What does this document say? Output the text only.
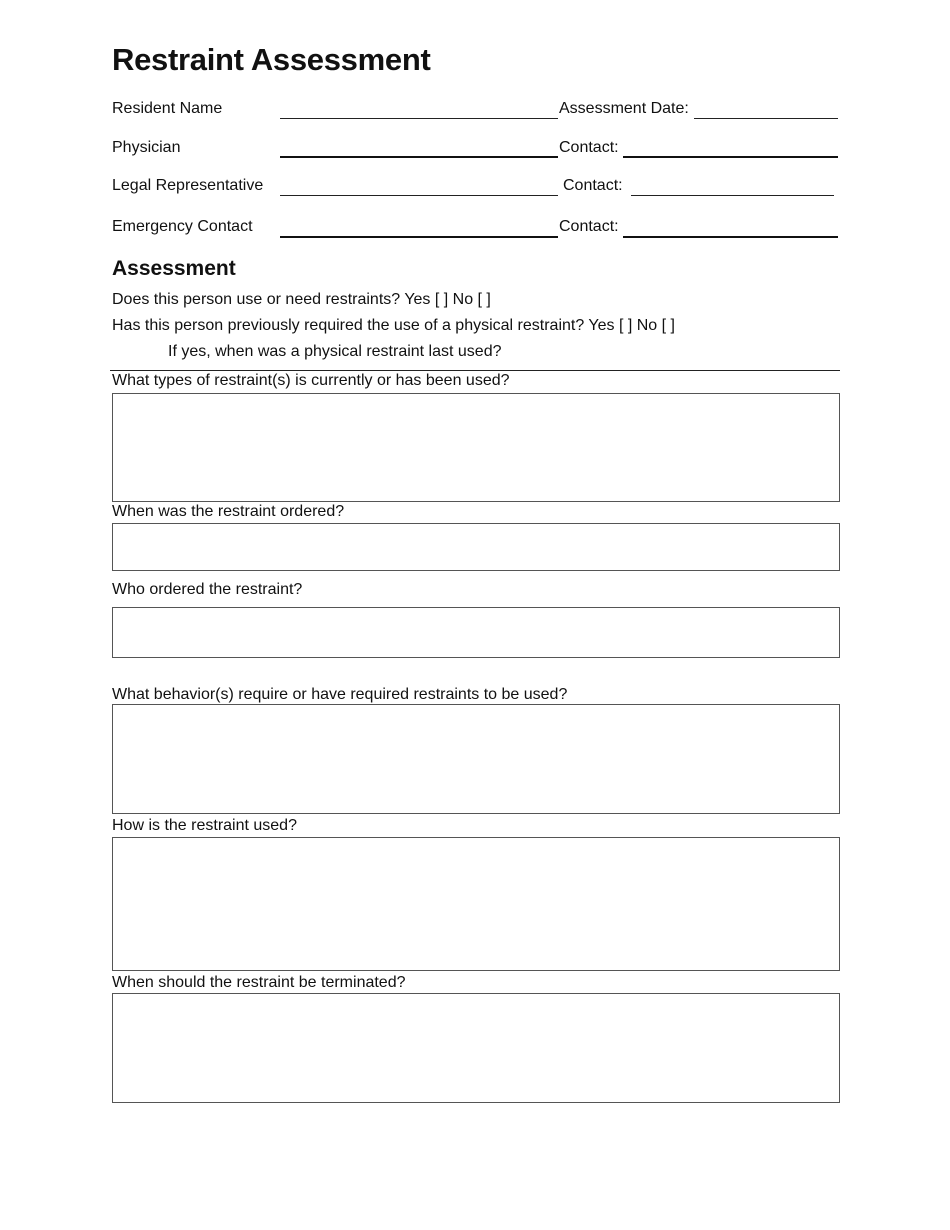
Restraint Assessment
Resident Name	Assessment Date:
Physician	Contact:
Legal Representative	Contact:
Emergency Contact	Contact:
Assessment
Does this person use or need restraints? Yes [ ] No [ ]
Has this person previously required the use of a physical restraint? Yes [ ] No [ ]
If yes, when was a physical restraint last used?
What types of restraint(s) is currently or has been used?
When was the restraint ordered?
Who ordered the restraint?
What behavior(s) require or have required restraints to be used?
How is the restraint used?
When should the restraint be terminated?
